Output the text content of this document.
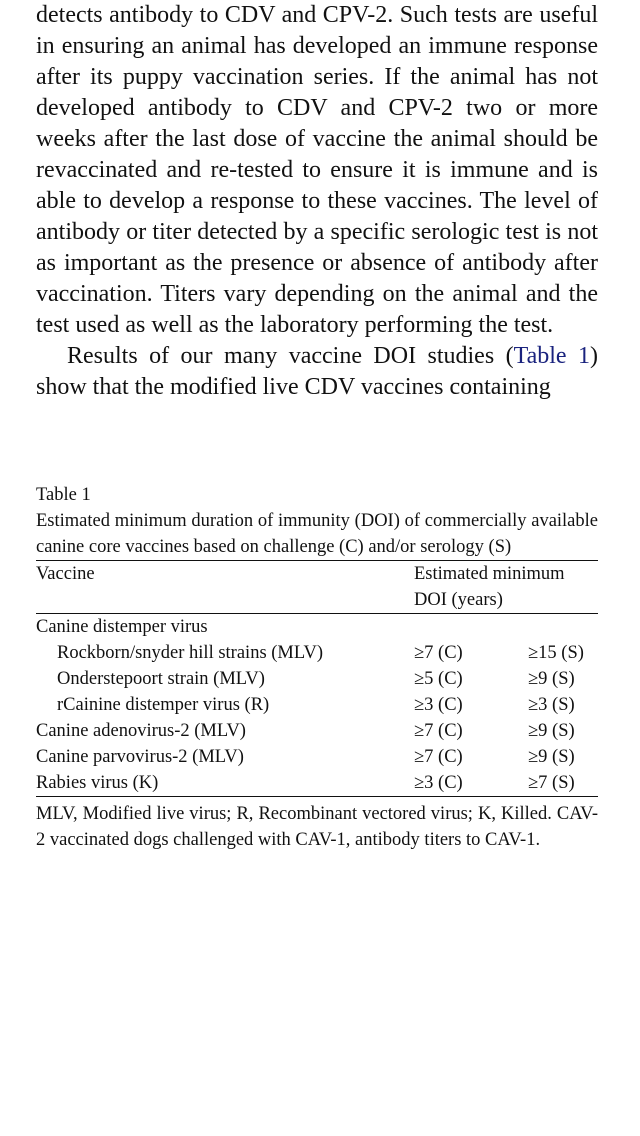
detects antibody to CDV and CPV-2. Such tests are useful in ensuring an animal has developed an immune response after its puppy vaccination series. If the animal has not developed antibody to CDV and CPV-2 two or more weeks after the last dose of vaccine the animal should be revaccinated and re-tested to ensure it is immune and is able to develop a response to these vaccines. The level of antibody or titer detected by a specific serologic test is not as important as the presence or absence of antibody after vaccination. Titers vary depending on the animal and the test used as well as the laboratory performing the test.

Results of our many vaccine DOI studies (Table 1) show that the modified live CDV vaccines containing

Table 1

Estimated minimum duration of immunity (DOI) of commercially available canine core vaccines based on challenge (C) and/or serology (S)

Vaccine	Estimated minimum
DOI (years)	

Canine distemper virus		
Rockborn/snyder hill strains (MLV)	≥7 (C)	≥15 (S)
Onderstepoort strain (MLV)	≥5 (C)	≥9 (S)
rCainine distemper virus (R)	≥3 (C)	≥3 (S)
Canine adenovirus-2 (MLV)	≥7 (C)	≥9 (S)
Canine parvovirus-2 (MLV)	≥7 (C)	≥9 (S)
Rabies virus (K)	≥3 (C)	≥7 (S)

MLV, Modified live virus; R, Recombinant vectored virus; K, Killed. CAV-2 vaccinated dogs challenged with CAV-1, antibody titers to CAV-1.
